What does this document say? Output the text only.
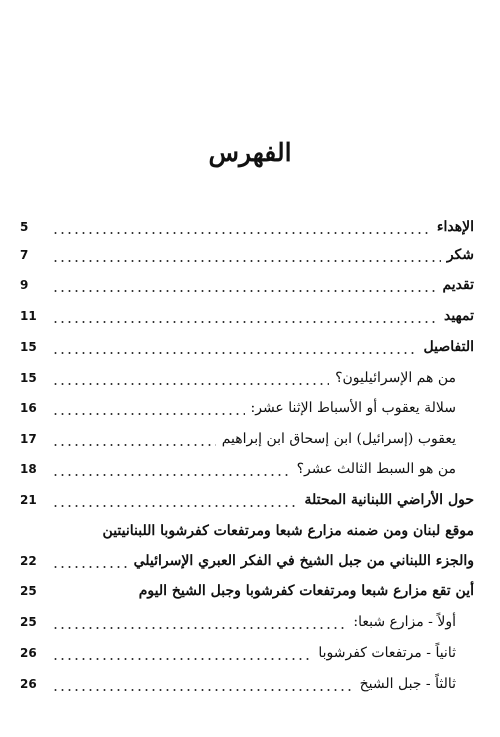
الفهرس
الإهداء
5
شكر
7
تقديم
9
تمهيد
11
التفاصيل
15
من هم الإسرائيليون؟
15
سلالة يعقوب أو الأسباط الإثنا عشر:
16
يعقوب (إسرائيل) ابن إسحاق ابن إبراهيم
17
من هو السبط الثالث عشر؟
18
حول الأراضي اللبنانية المحتلة
21
موقع لبنان ومن ضمنه مزارع شبعا ومرتفعات كفرشوبا اللبنانيتين
والجزء اللبناني من جبل الشيخ في الفكر العبري الإسرائيلي
22
أين تقع مزارع شبعا ومرتفعات كفرشوبا وجبل الشيخ اليوم
25
أولاً - مزارع شبعا:
25
ثانياً - مرتفعات كفرشوبا
26
ثالثاً - جبل الشيخ
26
